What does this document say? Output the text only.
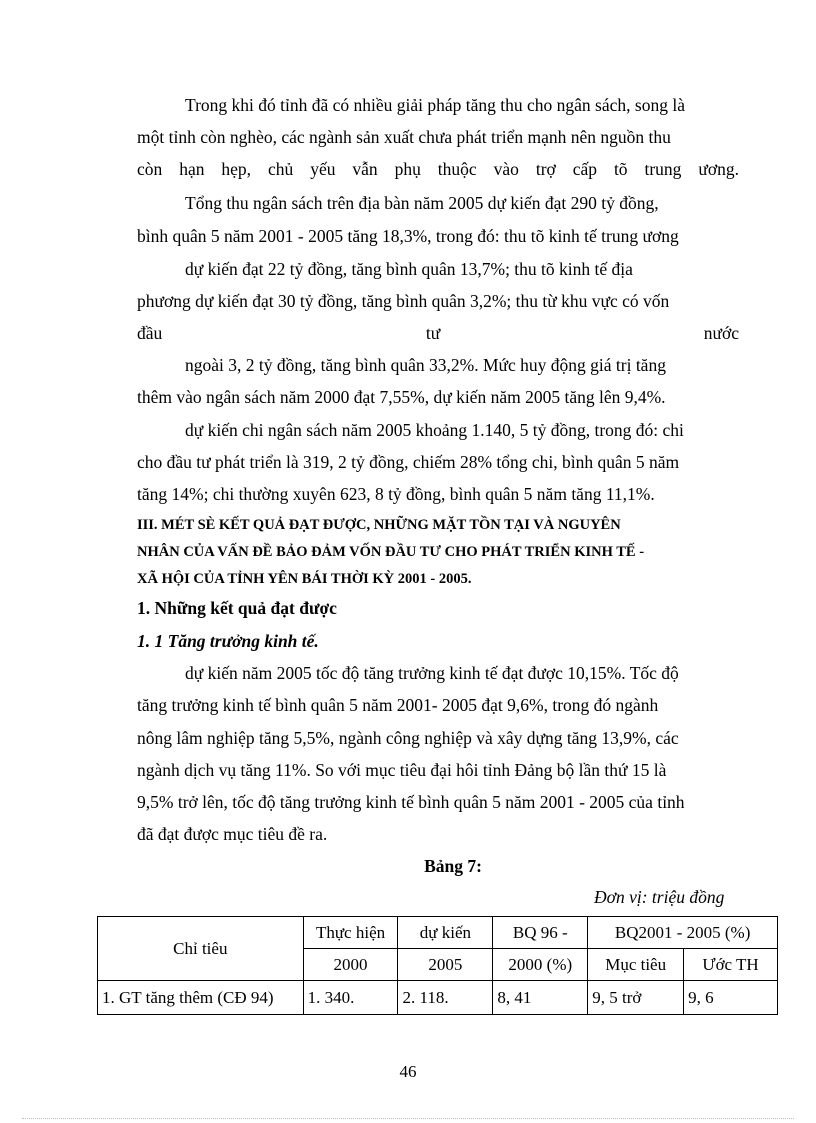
Trong khi đó tỉnh đã có nhiều giải pháp tăng thu cho ngân sách, song là
một tỉnh còn nghèo, các ngành sản xuất chưa phát triển mạnh nên nguồn thu
còn hạn hẹp, chủ yếu vẫn phụ thuộc vào trợ cấp tõ trung ương.
Tổng thu ngân sách trên địa bàn năm 2005 dự kiến đạt 290 tỷ đồng,
bình quân 5 năm 2001 - 2005 tăng 18,3%, trong đó: thu tõ kinh tế trung ương
dự kiến đạt 22 tỷ đồng, tăng bình quân 13,7%; thu tõ kinh tế địa
phương dự kiến đạt 30 tỷ đồng, tăng bình quân 3,2%; thu từ khu vực có vốn
đầu	tư	nước
ngoài 3, 2 tỷ đồng, tăng bình quân 33,2%. Mức huy động giá trị tăng
thêm vào ngân sách năm 2000 đạt 7,55%, dự kiến năm 2005 tăng lên 9,4%.
dự kiến chi ngân sách năm 2005 khoảng 1.140, 5 tỷ đồng, trong đó: chi
cho đầu tư phát triển là 319, 2 tỷ đồng, chiếm 28% tổng chi, bình quân 5 năm
tăng 14%; chi thường xuyên 623, 8 tỷ đồng, bình quân 5 năm tăng 11,1%.
III. MÉT SÈ KẾT QUẢ ĐẠT ĐƯỢC, NHỮNG MẶT TỒN TẠI VÀ NGUYÊN
NHÂN CỦA VẤN ĐỀ BẢO ĐẢM VỐN ĐẦU TƯ CHO PHÁT TRIỂN KINH TẾ -
XÃ HỘI CỦA TỈNH YÊN BÁI THỜI KỲ 2001 - 2005.
1. Những kết quả đạt được
1. 1 Tăng trưởng kinh tế.
dự kiến năm 2005 tốc độ tăng trưởng kinh tế đạt được 10,15%. Tốc độ
tăng trưởng kinh tế bình quân 5 năm 2001- 2005 đạt 9,6%, trong đó ngành
nông lâm nghiệp tăng 5,5%, ngành công nghiệp và xây dựng tăng 13,9%, các
ngành dịch vụ tăng 11%. So với mục tiêu đại hôi tỉnh Đảng bộ lần thứ 15 là
9,5% trở lên, tốc độ tăng trưởng kinh tế bình quân 5 năm 2001 - 2005 của tỉnh
đã đạt được mục tiêu đề ra.
Bảng 7:
Đơn vị: triệu đồng
Chỉ tiêu	Thực hiện	dự kiến	BQ 96 -	BQ2001 - 2005 (%)	
	2000	2005	2000 (%)	Mục tiêu	Ước TH
1. GT tăng thêm (CĐ 94)	1. 340.	2. 118.	8, 41	9, 5 trở	9, 6
46
